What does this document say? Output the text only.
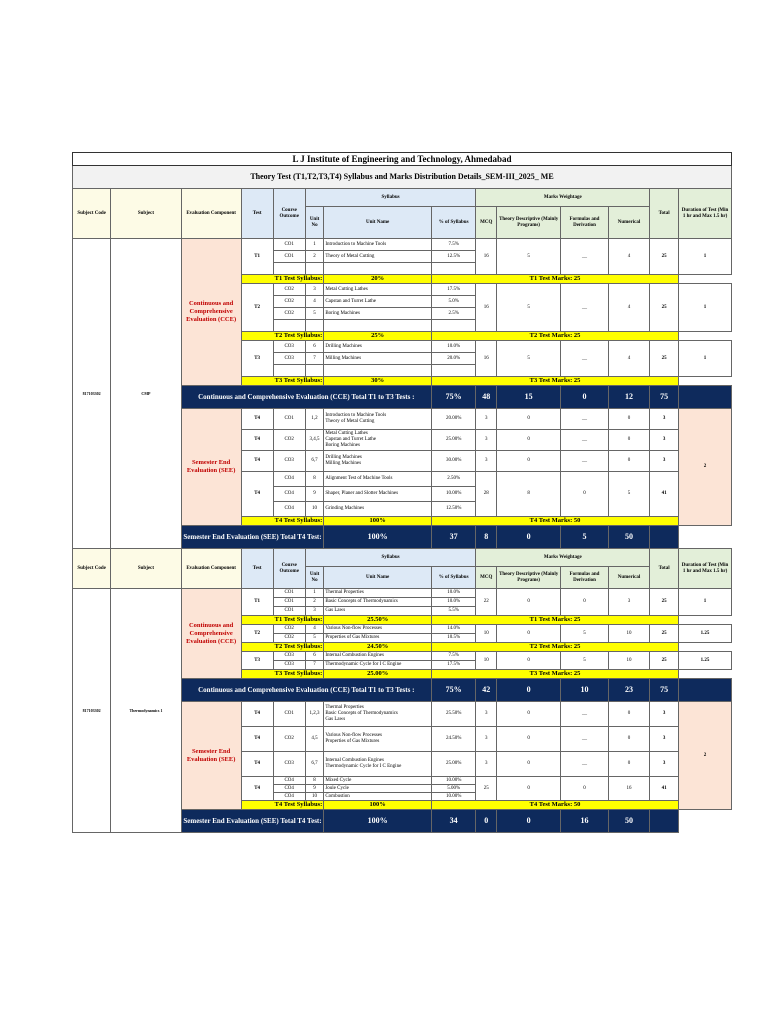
L J Institute of Engineering and Technology, Ahmedabad													
Theory Test (T1,T2,T3,T4) Syllabus and Marks Distribution Details_SEM-III_2025_ ME													
Subject Code	Subject	Evaluation Component	Test	Course Outcome	Syllabus			Marks Weightage				Total	Duration of Test (Min 1 hr and Max 1.5 hr)
					Unit No	Unit Name	% of Syllabus	MCQ	Theory Descriptive (Mainly Programs)	Formulas and Derivation	Numerical		
817103302	CMP	Continuous and Comprehensive Evaluation (CCE)	T1	CO1	1	Introduction to Machine Tools	7.5%	16	5	__	4	25	1
				CO1	2	Theory of Metal Cutting	12.5%						

			T1 Test Syllabus:			20%	T1 Test Marks: 25						
			T2	CO2	3	Metal Cutting Lathes	17.5%	16	5	__	4	25	1
				CO2	4	Capstan and Turret Lathe	5.0%						
				CO2	5	Boring Machines	2.5%						

			T2 Test Syllabus:			25%	T2 Test Marks: 25						
			T3	CO3	6	Drilling Machines	10.0%	16	5	__	4	25	1
				CO3	7	Milling Machines	20.0%						

			T3 Test Syllabus:			30%	T3 Test Marks: 25						
		Continuous and Comprehensive Evaluation (CCE) Total T1 to T3 Tests :					75%	48	15	0	12	75	
		Semester End Evaluation (SEE)	T4	CO1	1,2	Introduction to Machine Tools
Theory of Metal Cutting	20.00%	3	0	__	0	3	2
			T4	CO2	3,4,5	Metal Cutting Lathes
Capstan and Turret Lathe
Boring Machines	25.00%	3	0	__	0	3	
			T4	CO3	6,7	Drilling Machines
Milling Machines	30.00%	3	0	__	0	3	
			T4	CO4	8	Alignment Test of Machine Tools	2.50%	28	8	0	5	41	
				CO4	9	Shaper, Planer and Slotter Machines	10.00%						
				CO4	10	Grinding Machines	12.50%						
			T4 Test Syllabus:			100%	T4 Test Marks: 50						
		Semester End Evaluation (SEE) Total T4 Test:				100%	37	8	0	5	50		
Subject Code	Subject	Evaluation Component	Test	Course Outcome	Syllabus			Marks Weightage				Total	Duration of Test (Min 1 hr and Max 1.5 hr)
					Unit No	Unit Name	% of Syllabus	MCQ	Theory Descriptive (Mainly Programs)	Formulas and Derivation	Numerical		
817103302	Thermodynamics 1	Continuous and Comprehensive Evaluation (CCE)	T1	CO1	1	Thermal Properties	10.0%	22	0	0	3	25	1
				CO1	2	Basic Concepts of Thermodynamics	10.0%						
				CO1	3	Gas Laws	5.5%						
			T1 Test Syllabus:			25.50%	T1 Test Marks: 25						
			T2	CO2	4	Various Non-flow Processes	14.0%	10	0	5	10	25	1.25
				CO2	5	Properties of Gas Mixtures	10.5%						
			T2 Test Syllabus:			24.50%	T2 Test Marks: 25						
			T3	CO3	6	Internal Combustion Engines	7.5%	10	0	5	10	25	1.25
				CO3	7	Thermodynamic Cycle for I C Engine	17.5%						
			T3 Test Syllabus:			25.00%	T3 Test Marks: 25						
		Continuous and Comprehensive Evaluation (CCE) Total T1 to T3 Tests :					75%	42	0	10	23	75	
		Semester End Evaluation (SEE)	T4	CO1	1,2,3	Thermal Properties
Basic Concepts of Thermodynamics
Gas Laws	25.50%	3	0	__	0	3	2
			T4	CO2	4,5	Various Non-flow Processes
Properties of Gas Mixtures	24.50%	3	0	__	0	3	
			T4	CO3	6,7	Internal Combustion Engines
Thermodynamic Cycle for I C Engine	25.00%	3	0	__	0	3	
			T4	CO4	8	Mixed Cycle	10.00%	25	0	0	16	41	
				CO4	9	Joule Cycle	5.00%						
				CO4	10	Combustion	10.00%						
			T4 Test Syllabus:			100%	T4 Test Marks: 50						
		Semester End Evaluation (SEE) Total T4 Test:				100%	34	0	0	16	50		
